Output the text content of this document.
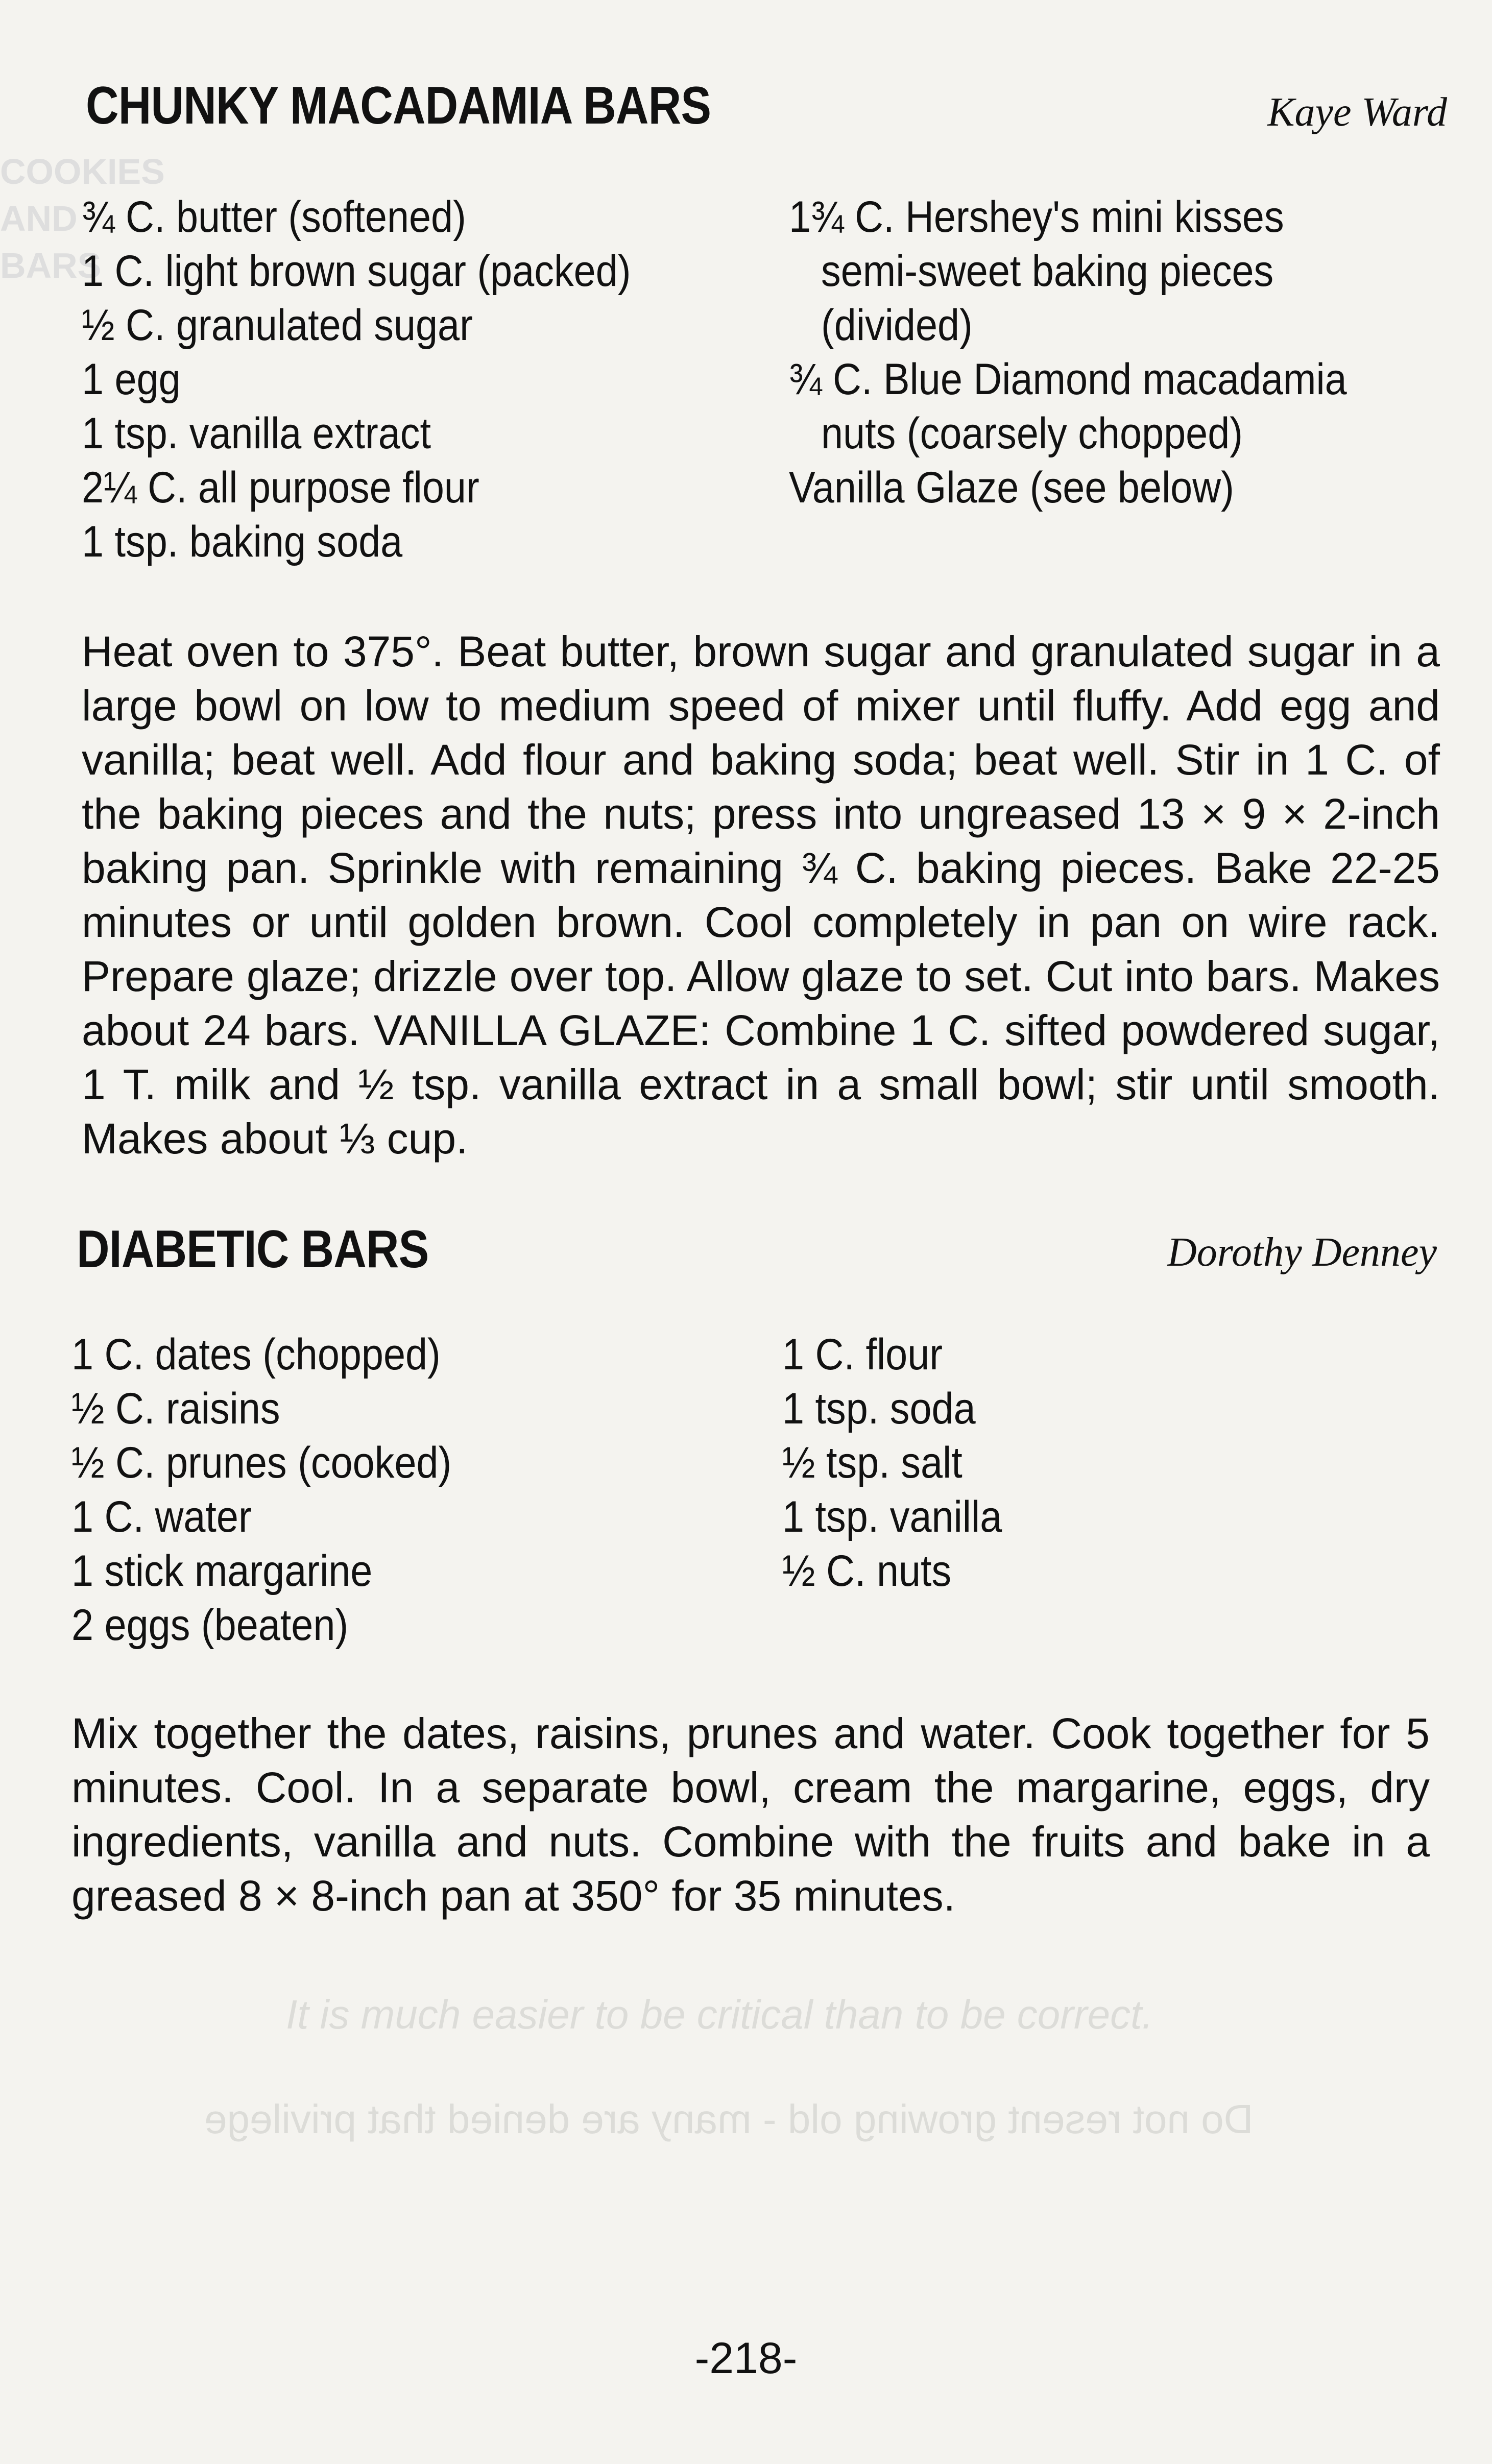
COOKIES AND BARS
It is much easier to be critical than to be correct.
Do not resent growing old - many are denied that privilege
CHUNKY MACADAMIA BARS	Kaye Ward
¾ C. butter (softened)
1 C. light brown sugar (packed)
½ C. granulated sugar
1 egg
1 tsp. vanilla extract
2¼ C. all purpose flour
1 tsp. baking soda
1¾ C. Hershey's mini kisses
semi-sweet baking pieces
(divided)
¾ C. Blue Diamond macadamia
nuts (coarsely chopped)
Vanilla Glaze (see below)
Heat oven to 375°. Beat butter, brown sugar and granulated sugar in a large bowl on low to medium speed of mixer until fluffy. Add egg and vanilla; beat well. Add flour and baking soda; beat well. Stir in 1 C. of the baking pieces and the nuts; press into ungreased 13 × 9 × 2-inch baking pan. Sprinkle with remaining ¾ C. baking pieces. Bake 22-25 minutes or until golden brown. Cool completely in pan on wire rack. Prepare glaze; drizzle over top. Allow glaze to set. Cut into bars. Makes about 24 bars. VANILLA GLAZE: Combine 1 C. sifted powdered sugar, 1 T. milk and ½ tsp. vanilla extract in a small bowl; stir until smooth. Makes about ⅓ cup.
DIABETIC BARS	Dorothy Denney
1 C. dates (chopped)
½ C. raisins
½ C. prunes (cooked)
1 C. water
1 stick margarine
2 eggs (beaten)
1 C. flour
1 tsp. soda
½ tsp. salt
1 tsp. vanilla
½ C. nuts
Mix together the dates, raisins, prunes and water. Cook together for 5 minutes. Cool. In a separate bowl, cream the margarine, eggs, dry ingredients, vanilla and nuts. Combine with the fruits and bake in a greased 8 × 8-inch pan at 350° for 35 minutes.
-218-
